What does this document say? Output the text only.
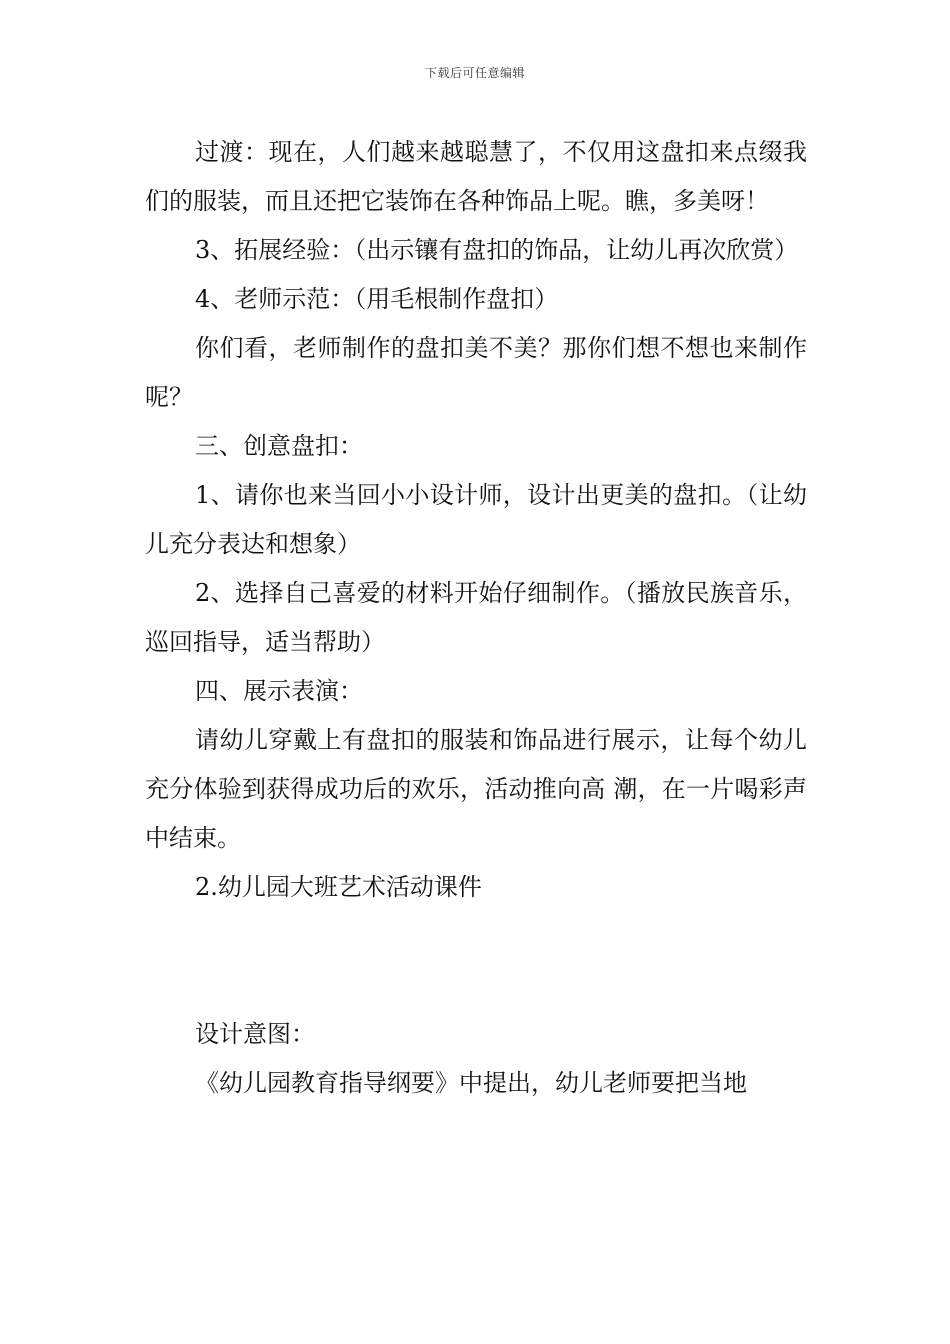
下载后可任意编辑

过渡：现在，人们越来越聪慧了，不仅用这盘扣来点缀我们的服装，而且还把它装饰在各种饰品上呢。瞧，多美呀！

3、拓展经验：（出示镶有盘扣的饰品，让幼儿再次欣赏）

4、老师示范：（用毛根制作盘扣）

你们看，老师制作的盘扣美不美？那你们想不想也来制作呢？

三、创意盘扣：

1、请你也来当回小小设计师，设计出更美的盘扣。（让幼儿充分表达和想象）

2、选择自己喜爱的材料开始仔细制作。（播放民族音乐，巡回指导，适当帮助）

四、展示表演：

请幼儿穿戴上有盘扣的服装和饰品进行展示，让每个幼儿充分体验到获得成功后的欢乐，活动推向高 潮，在一片喝彩声中结束。

2.幼儿园大班艺术活动课件

设计意图：

《幼儿园教育指导纲要》中提出，幼儿老师要把当地
